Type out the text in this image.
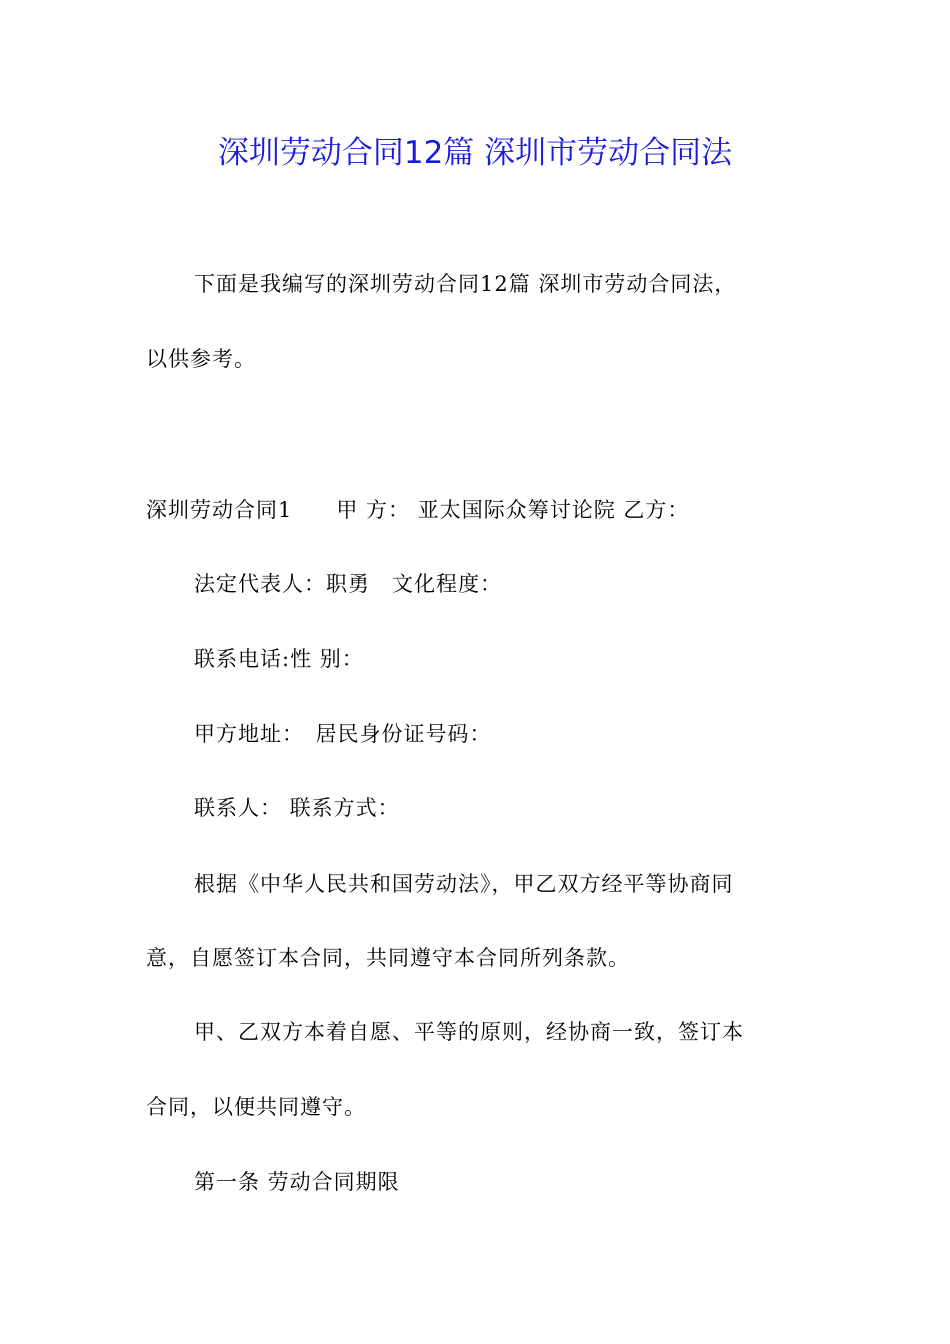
深圳劳动合同12篇 深圳市劳动合同法
下面是我编写的深圳劳动合同12篇 深圳市劳动合同法，
以供参考。
深圳劳动合同1　　甲 方： 亚太国际众筹讨论院 乙方：
法定代表人：职勇　文化程度：
联系电话:性 别：
甲方地址：　居民身份证号码：
联系人： 联系方式：
根据《中华人民共和国劳动法》，甲乙双方经平等协商同
意，自愿签订本合同，共同遵守本合同所列条款。
甲、乙双方本着自愿、平等的原则，经协商一致，签订本
合同，以便共同遵守。
第一条 劳动合同期限
